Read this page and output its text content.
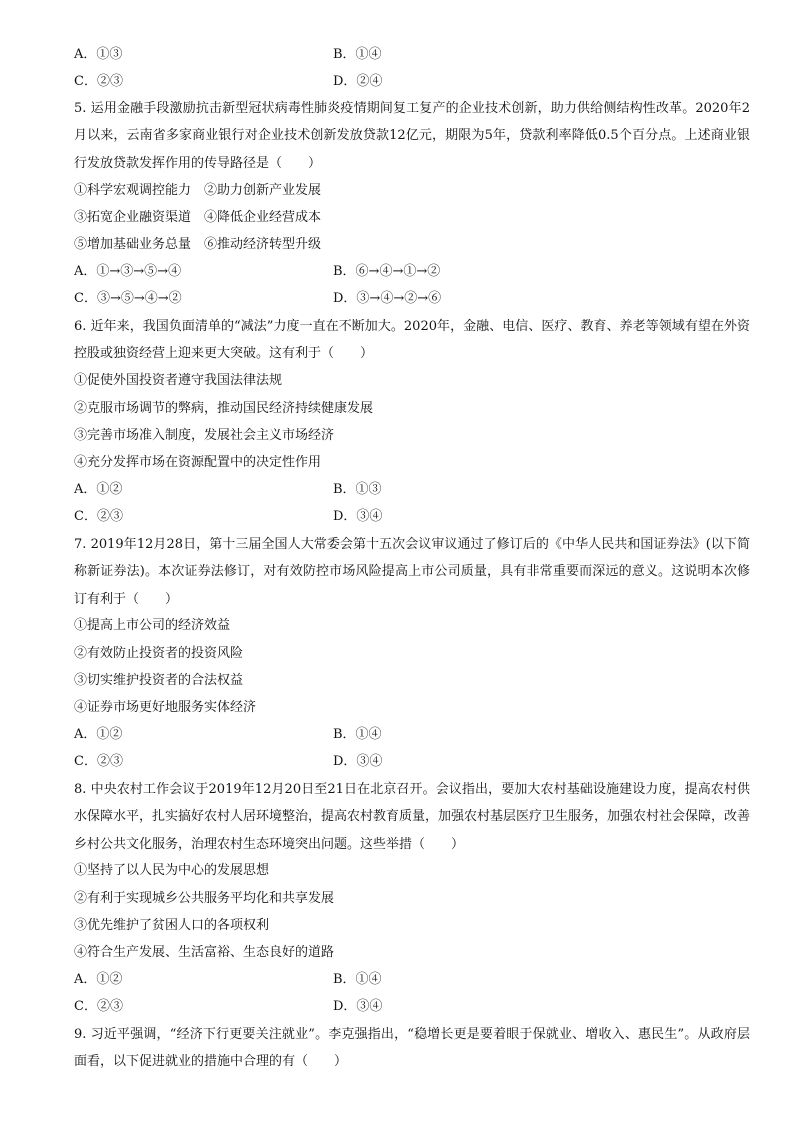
A．①③	B．①④
C．②③	D．②④
5. 运用金融手段激励抗击新型冠状病毒性肺炎疫情期间复工复产的企业技术创新，助力供给侧结构性改革。2020年2月以来，云南省多家商业银行对企业技术创新发放贷款12亿元，期限为5年，贷款利率降低0.5个百分点。上述商业银行发放贷款发挥作用的传导路径是（　　）
①科学宏观调控能力　②助力创新产业发展
③拓宽企业融资渠道　④降低企业经营成本
⑤增加基础业务总量　⑥推动经济转型升级
A．①→③→⑤→④	B．⑥→④→①→②
C．③→⑤→④→②	D．③→④→②→⑥
6. 近年来，我国负面清单的“减法”力度一直在不断加大。2020年，金融、电信、医疗、教育、养老等领域有望在外资控股或独资经营上迎来更大突破。这有利于（　　）
①促使外国投资者遵守我国法律法规
②克服市场调节的弊病，推动国民经济持续健康发展
③完善市场准入制度，发展社会主义市场经济
④充分发挥市场在资源配置中的决定性作用
A．①②	B．①③
C．②③	D．③④
7. 2019年12月28日，第十三届全国人大常委会第十五次会议审议通过了修订后的《中华人民共和国证券法》(以下简称新证券法)。本次证券法修订，对有效防控市场风险提高上市公司质量，具有非常重要而深远的意义。这说明本次修订有利于（　　）
①提高上市公司的经济效益
②有效防止投资者的投资风险
③切实维护投资者的合法权益
④证券市场更好地服务实体经济
A．①②	B．①④
C．②③	D．③④
8. 中央农村工作会议于2019年12月20日至21日在北京召开。会议指出，要加大农村基础设施建设力度，提高农村供水保障水平，扎实搞好农村人居环境整治，提高农村教育质量，加强农村基层医疗卫生服务，加强农村社会保障，改善乡村公共文化服务，治理农村生态环境突出问题。这些举措（　　）
①坚持了以人民为中心的发展思想
②有利于实现城乡公共服务平均化和共享发展
③优先维护了贫困人口的各项权利
④符合生产发展、生活富裕、生态良好的道路
A．①②	B．①④
C．②③	D．③④
9. 习近平强调，“经济下行更要关注就业”。李克强指出，“稳增长更是要着眼于保就业、增收入、惠民生”。从政府层面看，以下促进就业的措施中合理的有（　　）
